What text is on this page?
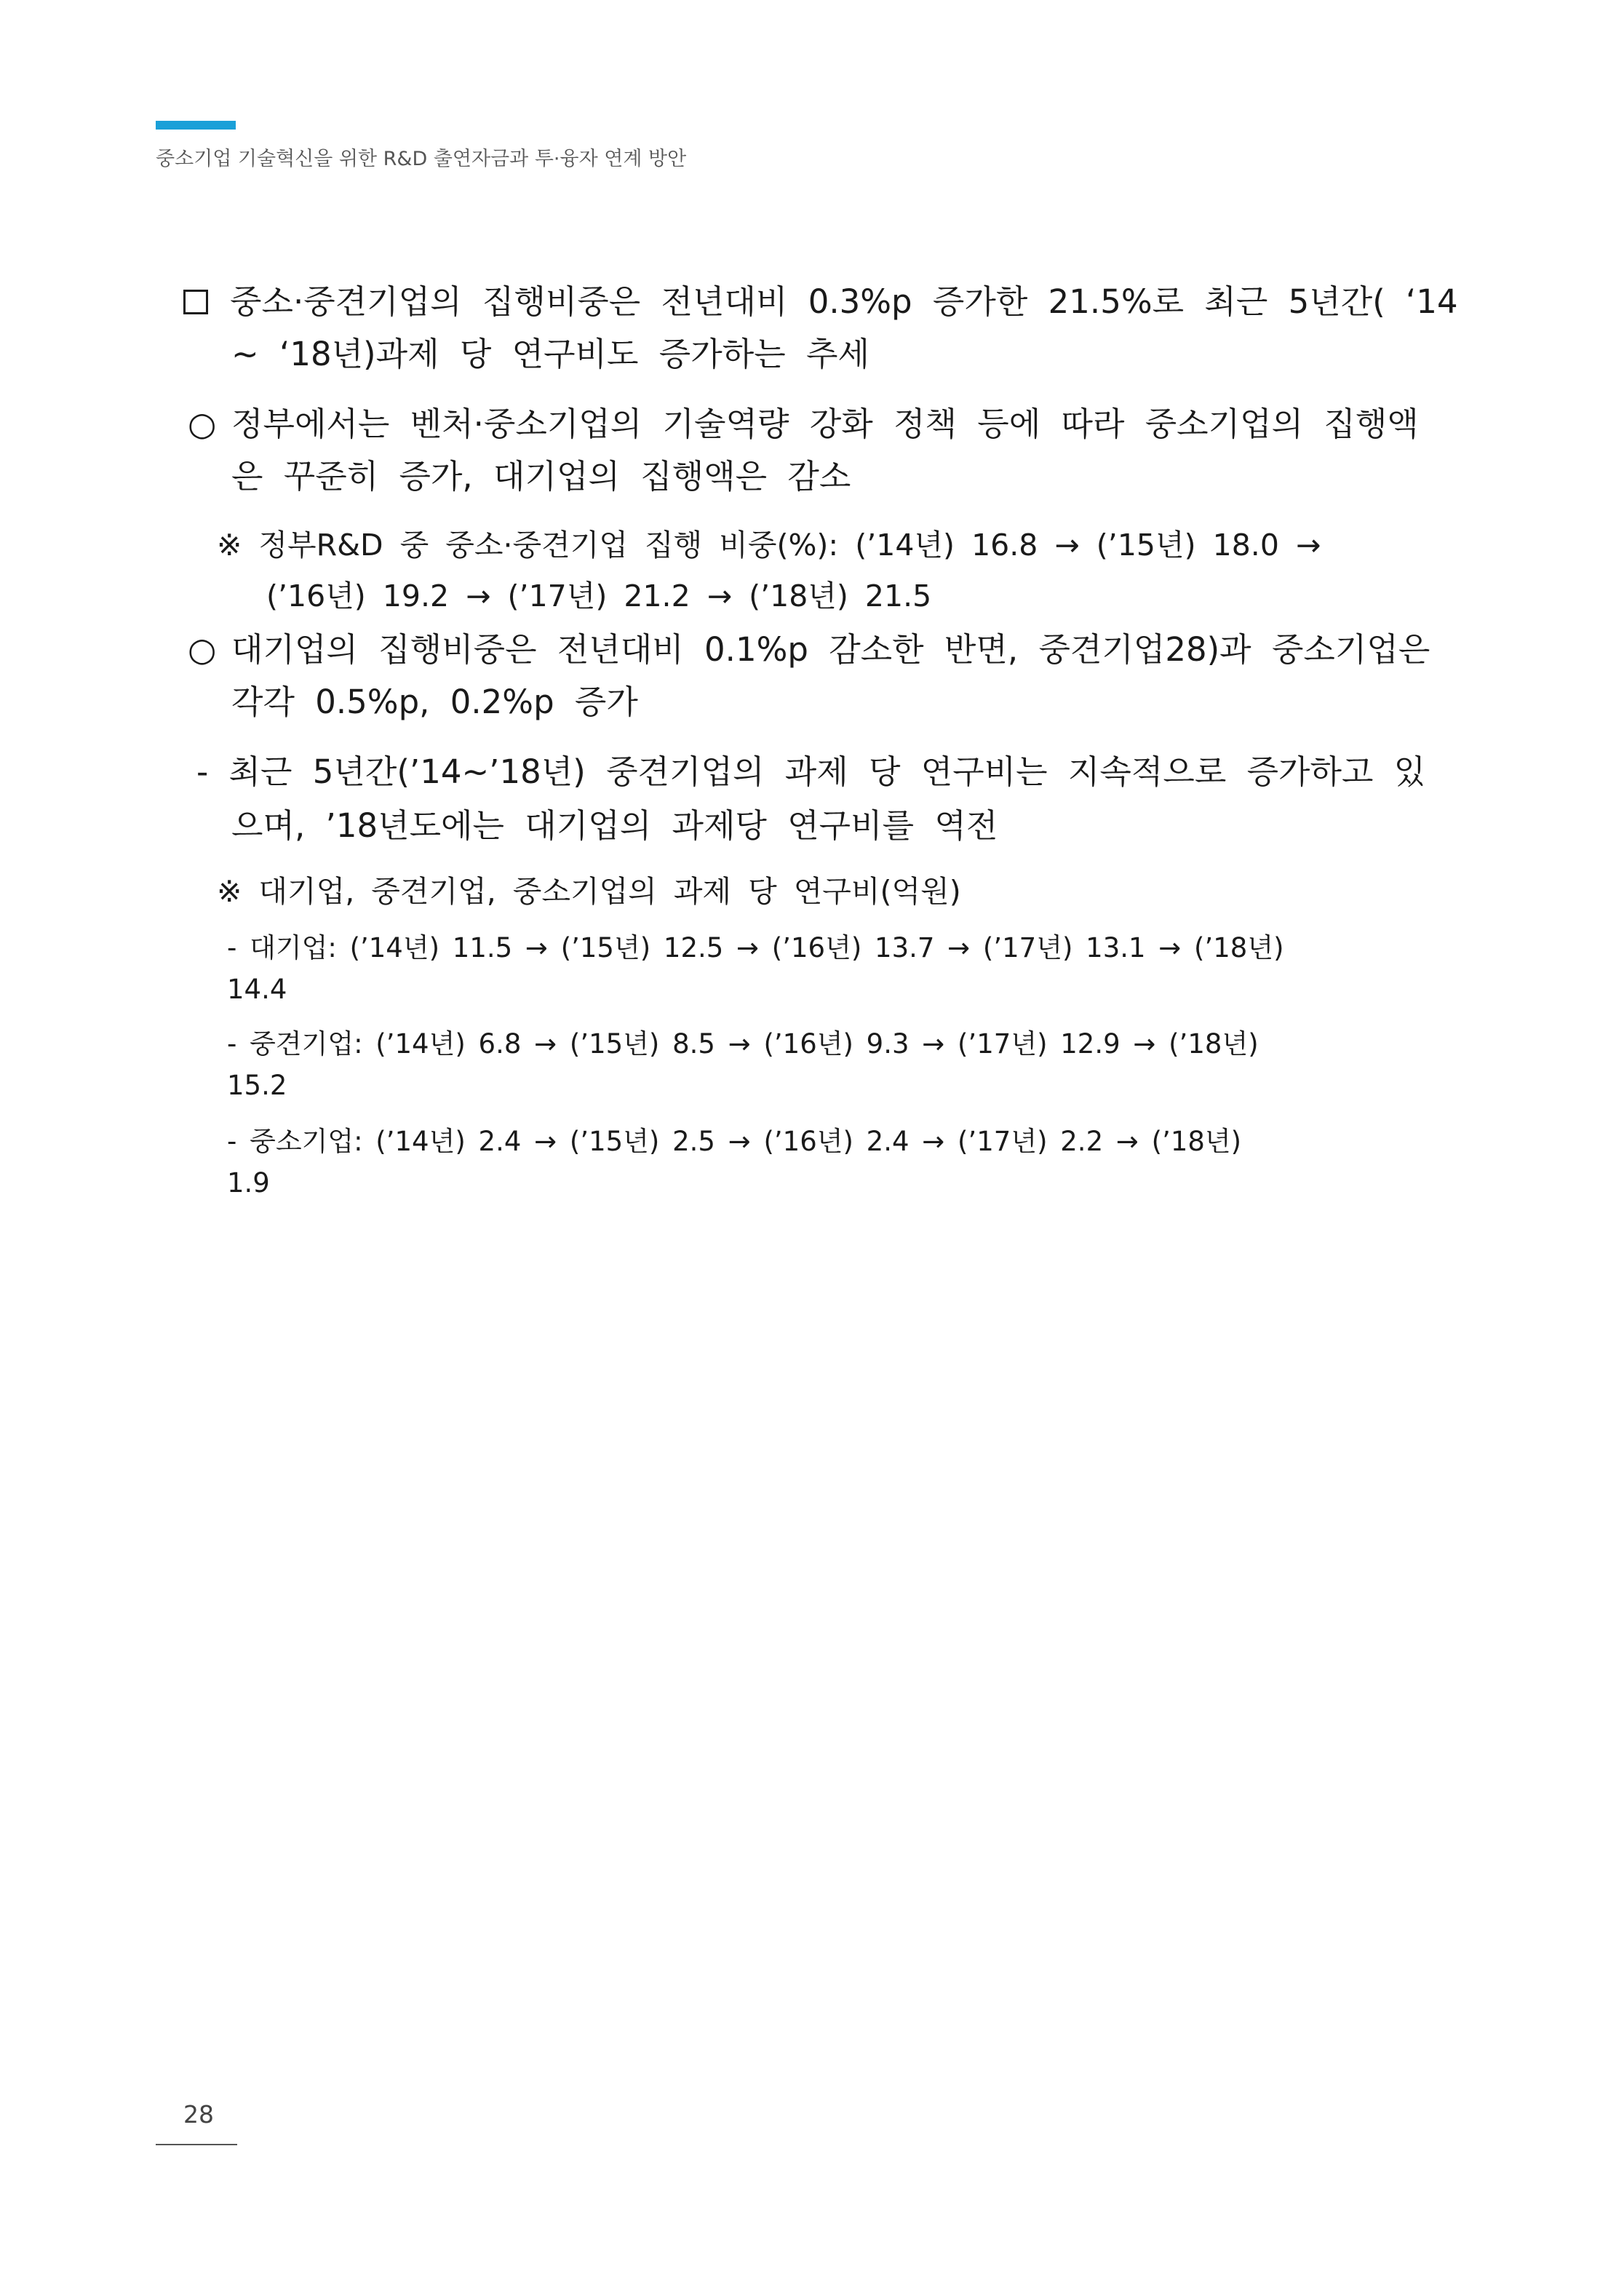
중소기업 기술혁신을 위한 R&D 출연자금과 투·융자 연계 방안
중소·중견기업의 집행비중은 전년대비 0.3%p 증가한 21.5%로 최근 5년간( ‘14
~ ‘18년)과제 당 연구비도 증가하는 추세
○ 정부에서는 벤처·중소기업의 기술역량 강화 정책 등에 따라 중소기업의 집행액
은 꾸준히 증가, 대기업의 집행액은 감소
※ 정부R&D 중 중소·중견기업 집행 비중(%): (’14년) 16.8 → (’15년) 18.0 →
(’16년) 19.2 → (’17년) 21.2 → (’18년) 21.5
○ 대기업의 집행비중은 전년대비 0.1%p 감소한 반면, 중견기업28)과 중소기업은
각각 0.5%p, 0.2%p 증가
- 최근 5년간(’14~’18년) 중견기업의 과제 당 연구비는 지속적으로 증가하고 있
으며, ’18년도에는 대기업의 과제당 연구비를 역전
※ 대기업, 중견기업, 중소기업의 과제 당 연구비(억원)
- 대기업: (’14년) 11.5 → (’15년) 12.5 → (’16년) 13.7 → (’17년) 13.1 → (’18년)
14.4
- 중견기업: (’14년) 6.8 → (’15년) 8.5 → (’16년) 9.3 → (’17년) 12.9 → (’18년)
15.2
- 중소기업: (’14년) 2.4 → (’15년) 2.5 → (’16년) 2.4 → (’17년) 2.2 → (’18년)
1.9
28
